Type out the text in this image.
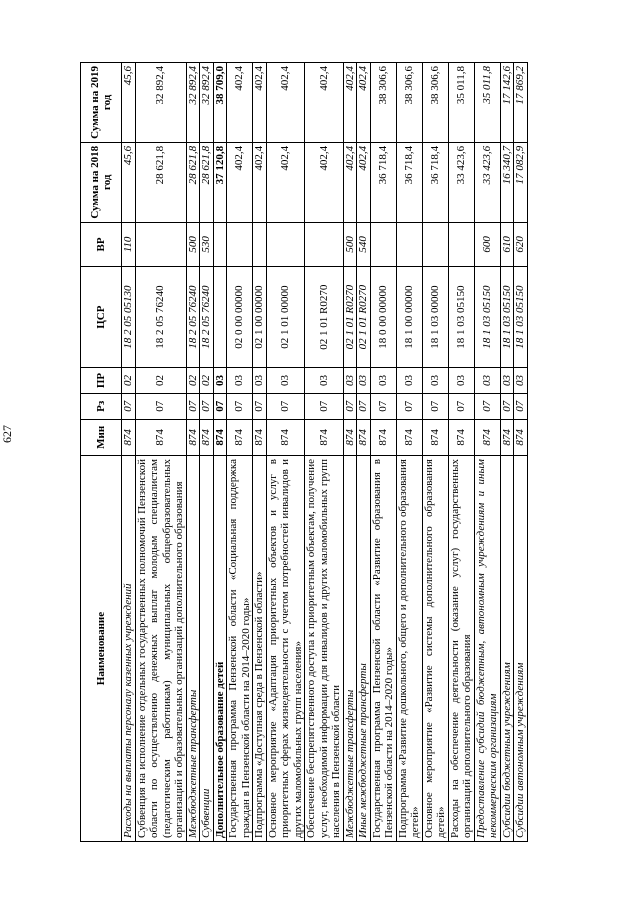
627
Наименование	Мин	Рз	ПР	ЦСР	ВР	Сумма на 2018 год	Сумма на 2019 год
Расходы на выплаты персоналу казенных учреждений	874	07	02	18 2 05 05130	110	45,6	45,6
Субвенция на исполнение отдельных государственных полномочий Пензенской области по осуществлению денежных выплат молодым специалистам (педагогическим работникам) муниципальных общеобразовательных организаций и образовательных организаций дополнительного образования	874	07	02	18 2 05 76240		28 621,8	32 892,4
Межбюджетные трансферты	874	07	02	18 2 05 76240	500	28 621,8	32 892,4
Субвенции	874	07	02	18 2 05 76240	530	28 621,8	32 892,4
Дополнительное образование детей	874	07	03			37 120,8	38 709,0
Государственная программа Пензенской области «Социальная поддержка граждан в Пензенской области на 2014–2020 годы»	874	07	03	02 0 00 00000		402,4	402,4
Подпрограмма «Доступная среда в Пензенской области»	874	07	03	02 1 00 00000		402,4	402,4
Основное мероприятие «Адаптация приоритетных объектов и услуг в приоритетных сферах жизнедеятельности с учетом потребностей инвалидов и других маломобильных групп населения»	874	07	03	02 1 01 00000		402,4	402,4
Обеспечение беспрепятственного доступа к приоритетным объектам, получение услуг, необходимой информации для инвалидов и других маломобильных групп населения в Пензенской области	874	07	03	02 1 01 R0270		402,4	402,4
Межбюджетные трансферты	874	07	03	02 1 01 R0270	500	402,4	402,4
Иные межбюджетные трансферты	874	07	03	02 1 01 R0270	540	402,4	402,4
Государственная программа Пензенской области «Развитие образования в Пензенской области на 2014–2020 годы»	874	07	03	18 0 00 00000		36 718,4	38 306,6
Подпрограмма «Развитие дошкольного, общего и дополнительного образования детей»	874	07	03	18 1 00 00000		36 718,4	38 306,6
Основное мероприятие «Развитие системы дополнительного образования детей»	874	07	03	18 1 03 00000		36 718,4	38 306,6
Расходы на обеспечение деятельности (оказание услуг) государственных организаций дополнительного образования	874	07	03	18 1 03 05150		33 423,6	35 011,8
Предоставление субсидий бюджетным, автономным учреждениям и иным некоммерческим организациям	874	07	03	18 1 03 05150	600	33 423,6	35 011,8
Субсидии бюджетным учреждениям	874	07	03	18 1 03 05150	610	16 340,7	17 142,6
Субсидии автономным учреждениям	874	07	03	18 1 03 05150	620	17 082,9	17 869,2
